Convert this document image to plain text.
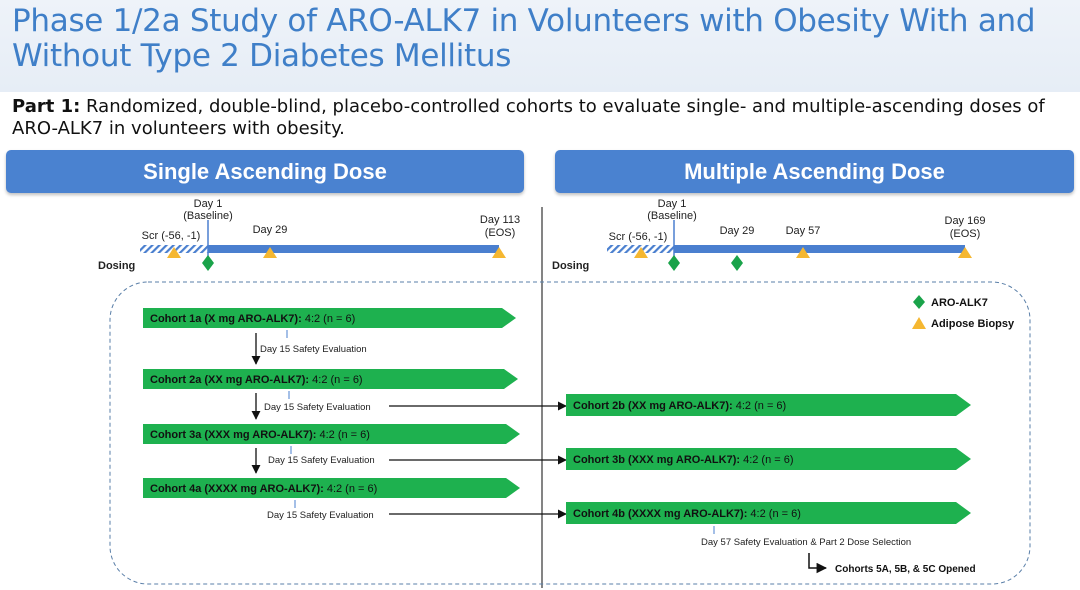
Phase 1/2a Study of ARO-ALK7 in Volunteers with Obesity With and Without Type 2 Diabetes Mellitus

Part 1: Randomized, double-blind, placebo-controlled cohorts to evaluate single- and multiple-ascending doses of ARO-ALK7 in volunteers with obesity.

Single Ascending Dose	Multiple Ascending Dose
Day 1
(Baseline)
Scr (-56, -1)	Day 29
Day 113
(EOS)
Dosing
Day 1
(Baseline)
Scr (-56, -1)	Day 29	Day 57
Day 169
(EOS)
Dosing
ARO-ALK7
Adipose Biopsy
Cohort 1a (X mg ARO-ALK7): 4:2 (n = 6)
Cohort 2a (XX mg ARO-ALK7): 4:2 (n = 6)
Cohort 3a (XXX mg ARO-ALK7): 4:2 (n = 6)
Cohort 4a (XXXX mg ARO-ALK7): 4:2 (n = 6)
Day 15 Safety Evaluation
Day 15 Safety Evaluation
Day 15 Safety Evaluation
Day 15 Safety Evaluation
Cohort 2b (XX mg ARO-ALK7): 4:2 (n = 6)
Cohort 3b (XXX mg ARO-ALK7): 4:2 (n = 6)
Cohort 4b (XXXX mg ARO-ALK7): 4:2 (n = 6)
Day 57 Safety Evaluation & Part 2 Dose Selection
Cohorts 5A, 5B, & 5C Opened
